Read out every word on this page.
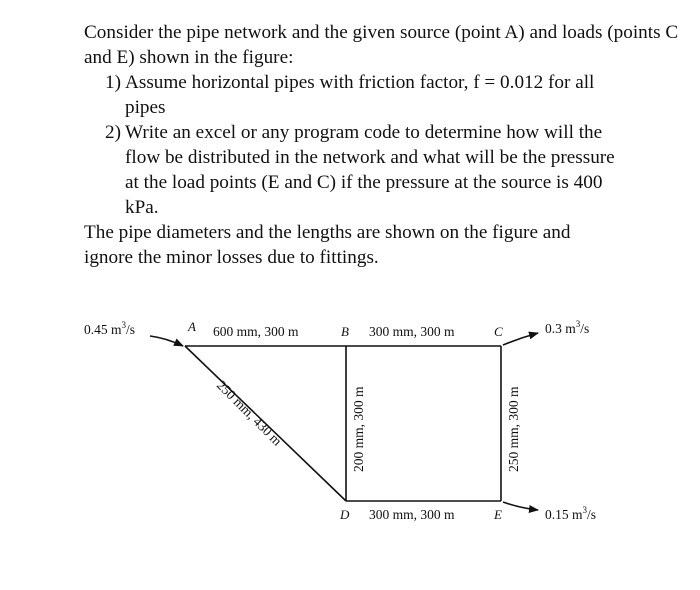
Consider the pipe network and the given source (point A) and loads (points C and E) shown in the figure:

1) Assume horizontal pipes with friction factor, f = 0.012 for all pipes
2) Write an excel or any program code to determine how will the flow be distributed in the network and what will be the pressure at the load points (E and C) if the pressure at the source is 400 kPa.

The pipe diameters and the lengths are shown on the figure and ignore the minor losses due to fittings.

A	B	C
D	E
600 mm, 300 m	300 mm, 300 m
250 mm, 430 m	200 mm, 300 m	250 mm, 300 m
300 mm, 300 m
0.45 $m^3/s$	0.3 $m^3/s$
0.15 $m^3/s$
